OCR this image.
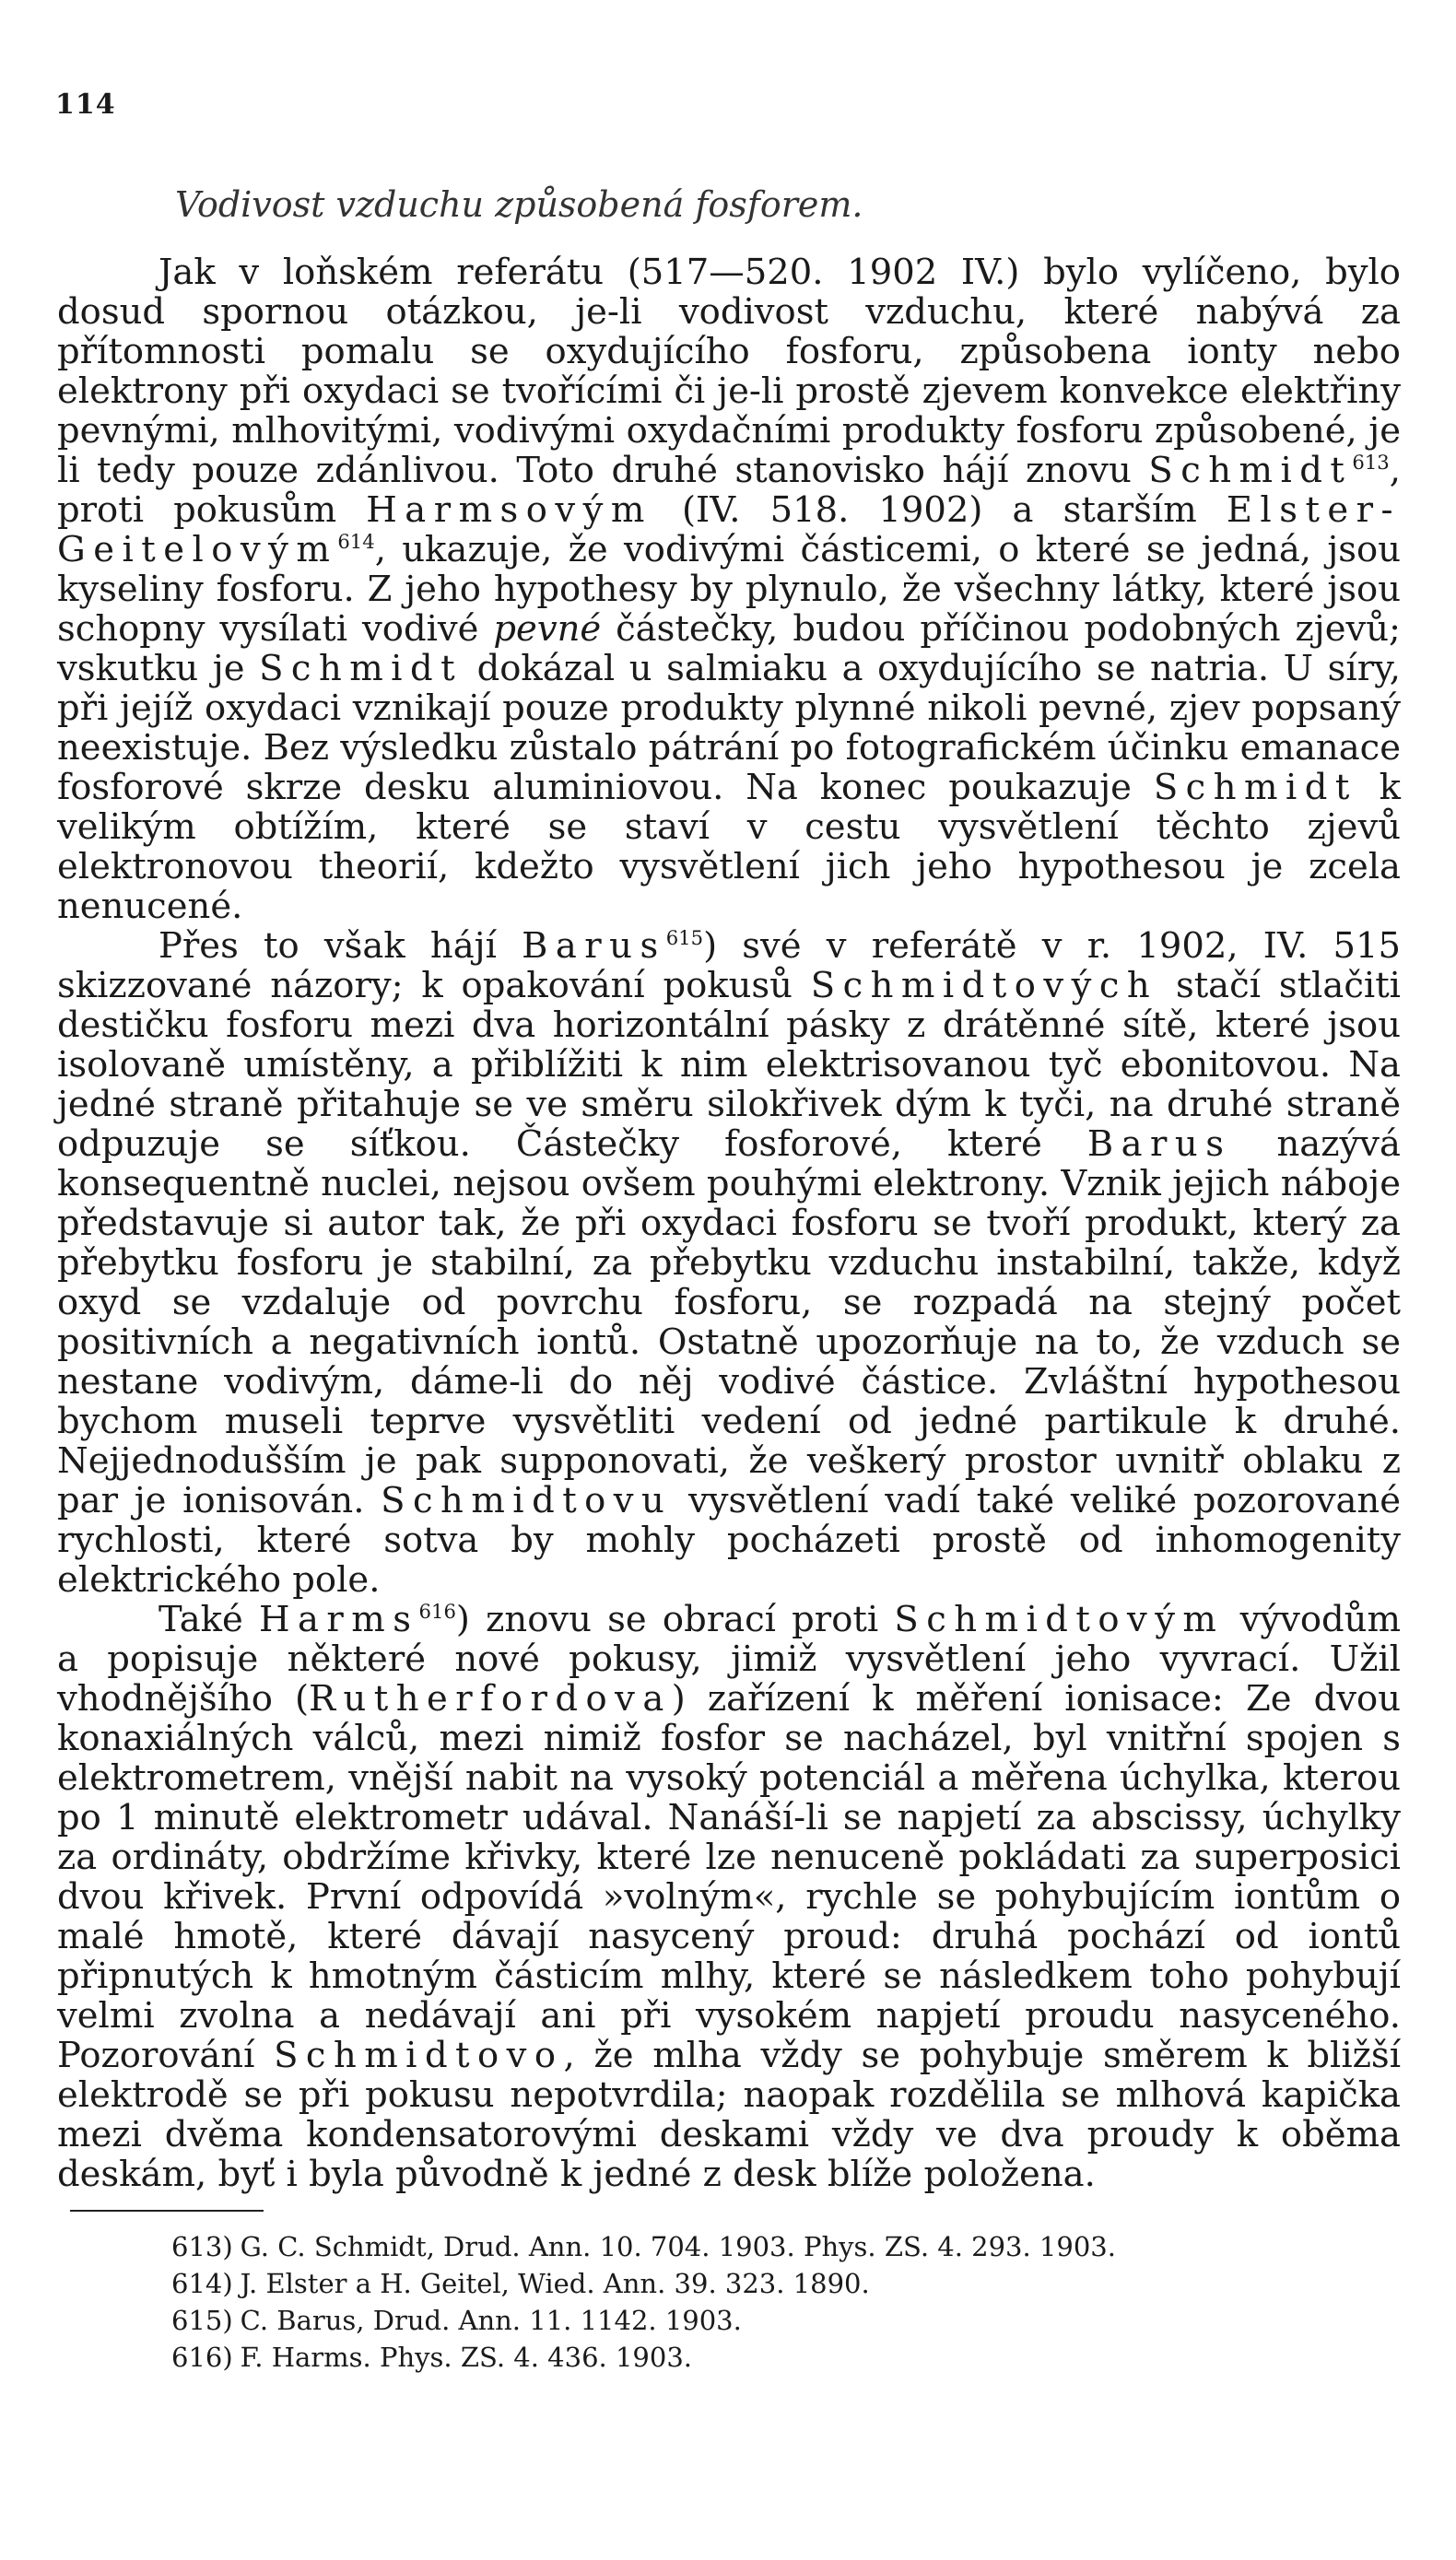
114
Vodivost vzduchu způsobená fosforem.

Jak v loňském referátu (517—520. 1902 IV.) bylo vylíčeno, bylo dosud spornou otázkou, je-li vodivost vzduchu, které nabývá za přítomnosti pomalu se oxydujícího fosforu, způsobena ionty nebo elektrony při oxydaci se tvořícími či je-li prostě zjevem konvekce elektřiny pevnými, mlhovitými, vodivými oxydačními produkty fosforu způsobené, je li tedy pouze zdánlivou. Toto druhé stanovisko hájí znovu Schmidt$^{613}$, proti pokusům Harmsovým (IV. 518. 1902) a starším Elster-Geitelovým$^{614}$, ukazuje, že vodivými částicemi, o které se jedná, jsou kyseliny fosforu. Z jeho hypothesy by plynulo, že všechny látky, které jsou schopny vysílati vodivé pevné částečky, budou příčinou podobných zjevů; vskutku je Schmidt dokázal u salmiaku a oxydujícího se natria. U síry, při jejíž oxydaci vznikají pouze produkty plynné nikoli pevné, zjev popsaný neexistuje. Bez výsledku zůstalo pátrání po fotografickém účinku emanace fosforové skrze desku aluminiovou. Na konec poukazuje Schmidt k velikým obtížím, které se staví v cestu vysvětlení těchto zjevů elektronovou theorií, kdežto vysvětlení jich jeho hypothesou je zcela nenucené.

Přes to však hájí Barus$^{615}$) své v referátě v r. 1902, IV. 515 skizzované názory; k opakování pokusů Schmidtových stačí stlačiti destičku fosforu mezi dva horizontální pásky z drátěnné sítě, které jsou isolovaně umístěny, a přiblížiti k nim elektrisovanou tyč ebonitovou. Na jedné straně přitahuje se ve směru silokřivek dým k tyči, na druhé straně odpuzuje se síťkou. Částečky fosforové, které Barus nazývá konsequentně nuclei, nejsou ovšem pouhými elektrony. Vznik jejich náboje představuje si autor tak, že při oxydaci fosforu se tvoří produkt, který za přebytku fosforu je stabilní, za přebytku vzduchu instabilní, takže, když oxyd se vzdaluje od povrchu fosforu, se rozpadá na stejný počet positivních a negativních iontů. Ostatně upozorňuje na to, že vzduch se nestane vodivým, dáme-li do něj vodivé částice. Zvláštní hypothesou bychom museli teprve vysvětliti vedení od jedné partikule k druhé. Nejjednodušším je pak supponovati, že veškerý prostor uvnitř oblaku z par je ionisován. Schmidtovu vysvětlení vadí také veliké pozorované rychlosti, které sotva by mohly pocházeti prostě od inhomogenity elektrického pole.

Také Harms$^{616}$) znovu se obrací proti Schmidtovým vývodům a popisuje některé nové pokusy, jimiž vysvětlení jeho vyvrací. Užil vhodnějšího (Rutherfordova) zařízení k měření ionisace: Ze dvou konaxiálných válců, mezi nimiž fosfor se nacházel, byl vnitřní spojen s elektrometrem, vnější nabit na vysoký potenciál a měřena úchylka, kterou po 1 minutě elektrometr udával. Nanáší-li se napjetí za abscissy, úchylky za ordináty, obdržíme křivky, které lze nenuceně pokládati za superposici dvou křivek. První odpovídá »volným«, rychle se pohybujícím iontům o malé hmotě, které dávají nasycený proud: druhá pochází od iontů připnutých k hmotným částicím mlhy, které se následkem toho pohybují velmi zvolna a nedávají ani při vysokém napjetí proudu nasyceného. Pozorování Schmidtovo, že mlha vždy se pohybuje směrem k bližší elektrodě se při pokusu nepotvrdila; naopak rozdělila se mlhová kapička mezi dvěma kondensatorovými deskami vždy ve dva proudy k oběma deskám, byť i byla původně k jedné z desk blíže položena.

613) G. C. Schmidt, Drud. Ann. 10. 704. 1903. Phys. ZS. 4. 293. 1903.

614) J. Elster a H. Geitel, Wied. Ann. 39. 323. 1890.

615) C. Barus, Drud. Ann. 11. 1142. 1903.

616) F. Harms. Phys. ZS. 4. 436. 1903.
